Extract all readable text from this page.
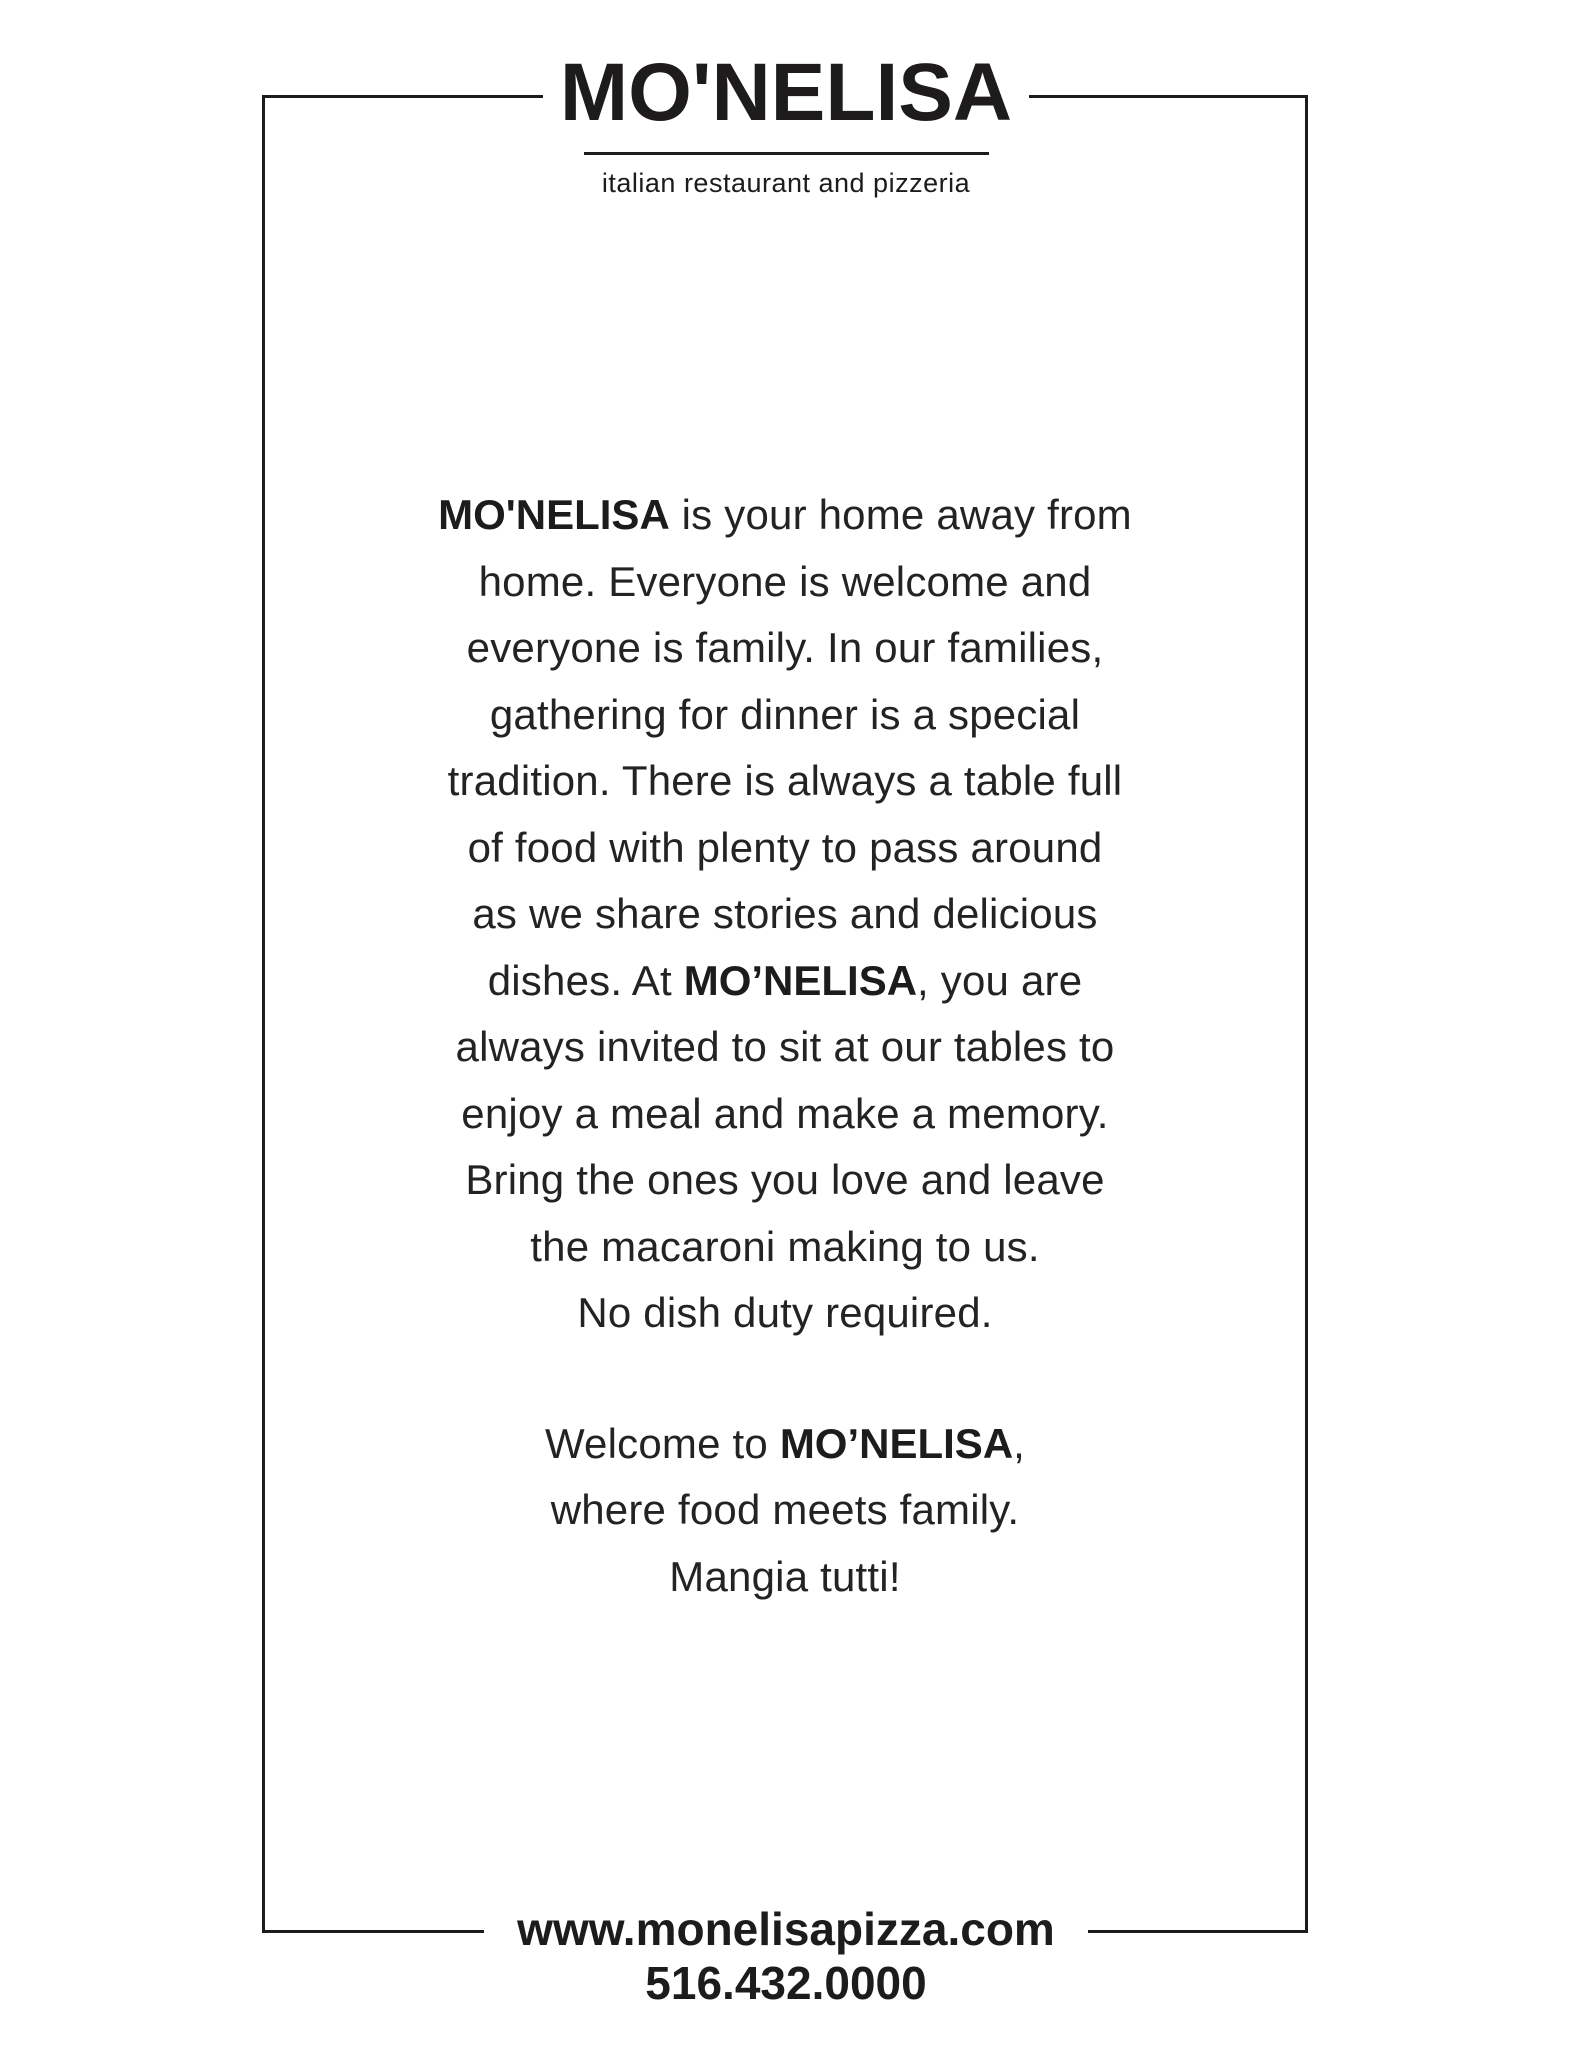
MO'NELISA
italian restaurant and pizzeria
MO'NELISA is your home away from
home. Everyone is welcome and
everyone is family. In our families,
gathering for dinner is a special
tradition. There is always a table full
of food with plenty to pass around
as we share stories and delicious
dishes. At MO’NELISA, you are
always invited to sit at our tables to
enjoy a meal and make a memory.
Bring the ones you love and leave
the macaroni making to us.
No dish duty required.
Welcome to MO’NELISA,
where food meets family.
Mangia tutti!
www.monelisapizza.com
516.432.0000
